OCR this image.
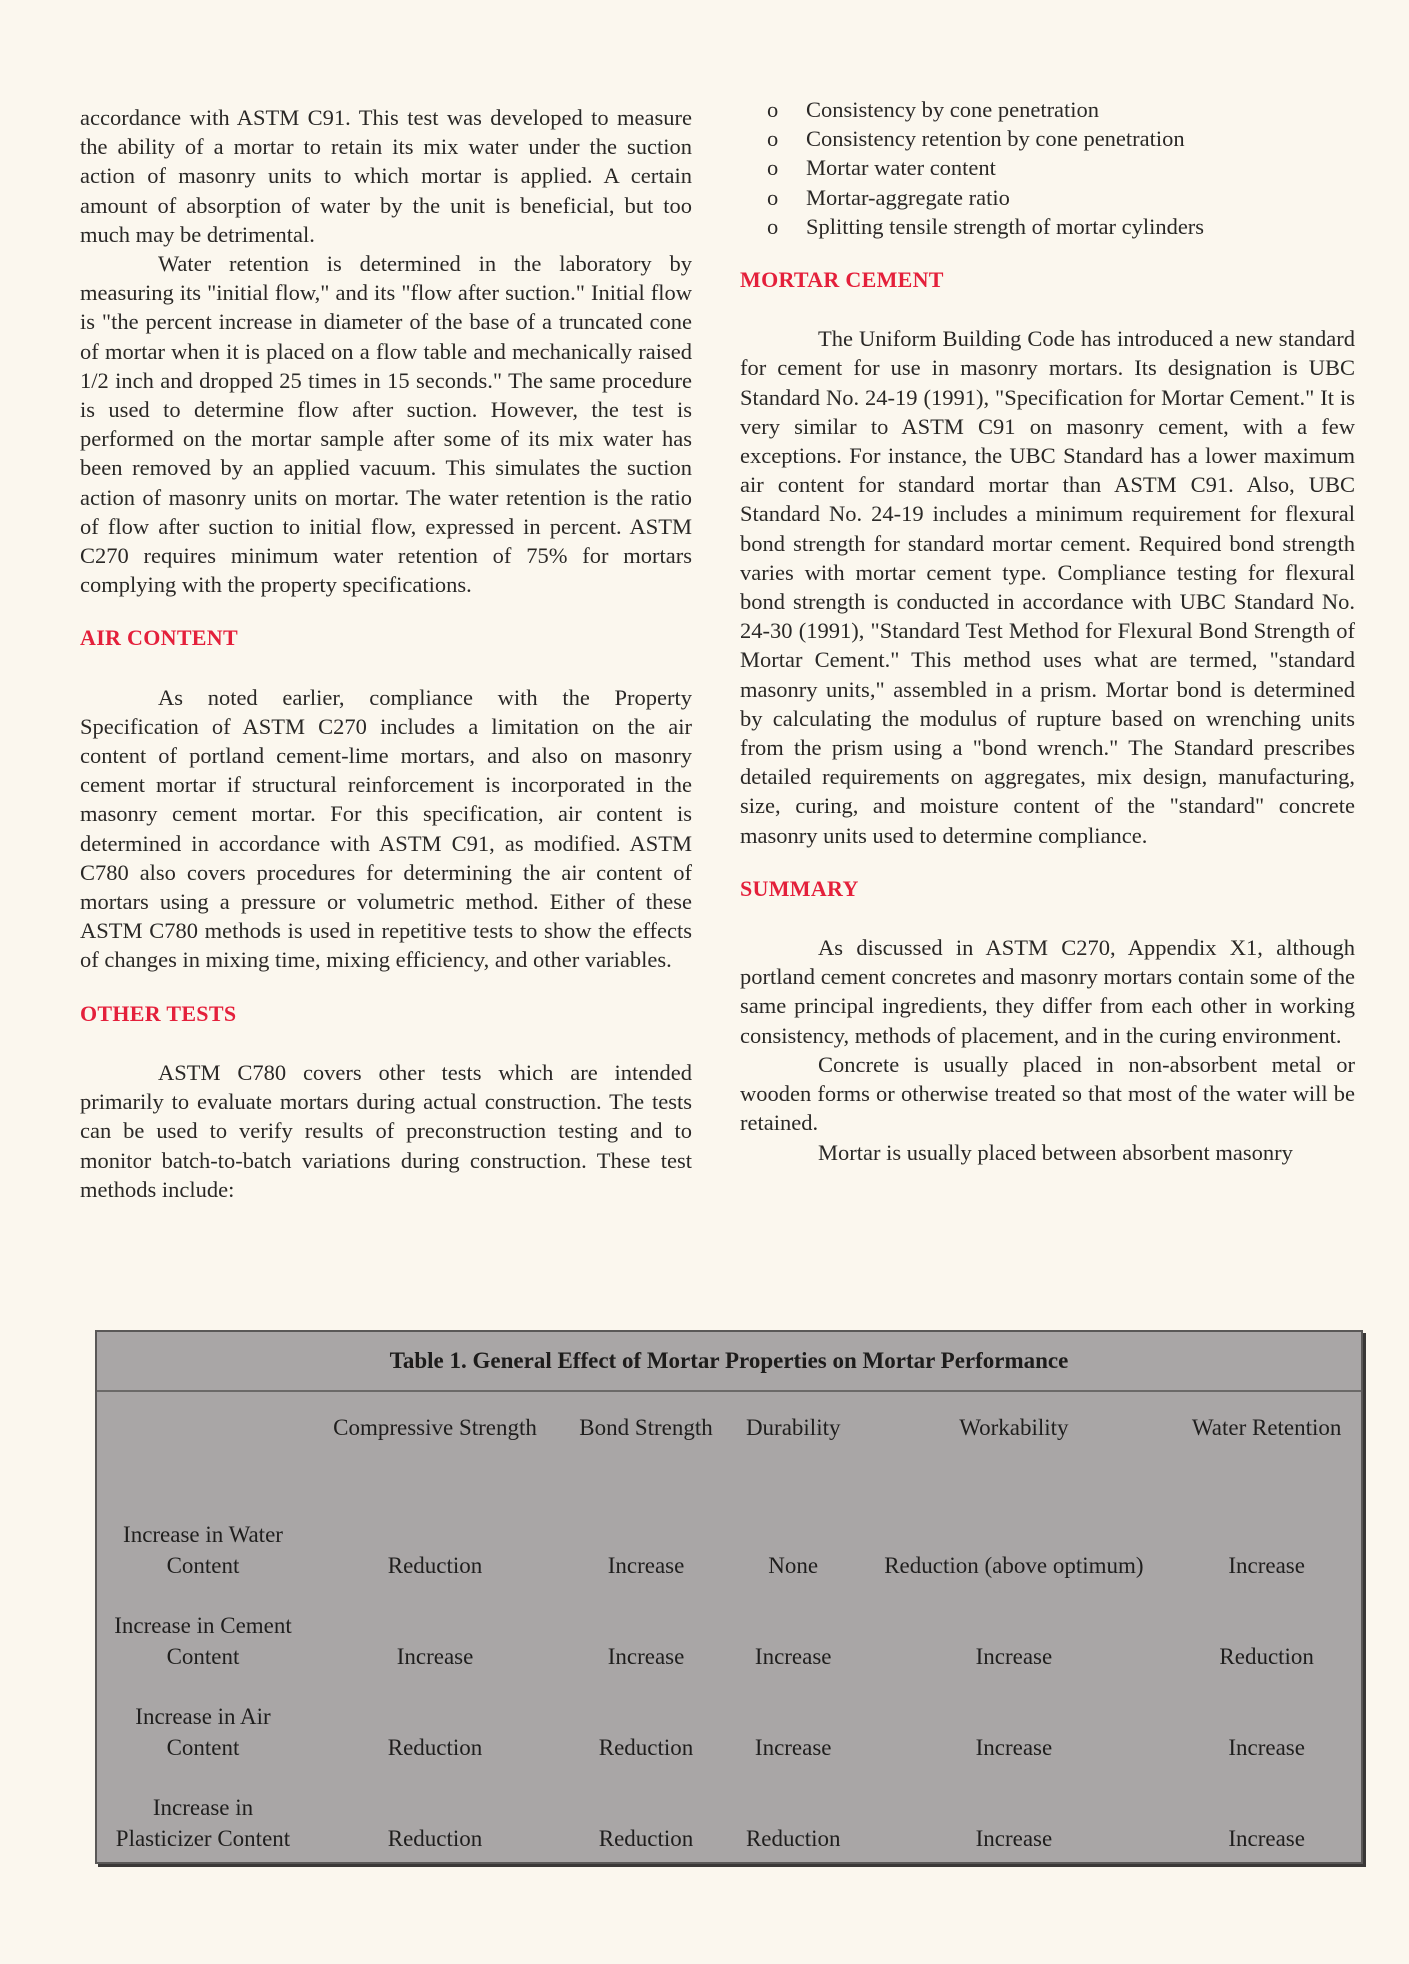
accordance with ASTM C91. This test was developed to measure the ability of a mortar to retain its mix water under the suction action of masonry units to which mortar is applied. A certain amount of absorption of water by the unit is beneficial, but too much may be detrimental.

Water retention is determined in the laboratory by measuring its "initial flow," and its "flow after suction." Initial flow is "the percent increase in diameter of the base of a truncated cone of mortar when it is placed on a flow table and mechanically raised 1/2 inch and dropped 25 times in 15 seconds." The same procedure is used to determine flow after suction. However, the test is performed on the mortar sample after some of its mix water has been removed by an applied vacuum. This simulates the suction action of masonry units on mortar. The water retention is the ratio of flow after suction to initial flow, expressed in percent. ASTM C270 requires minimum water retention of 75% for mortars complying with the property specifications.

AIR CONTENT

As noted earlier, compliance with the Property Specification of ASTM C270 includes a limitation on the air content of portland cement-lime mortars, and also on masonry cement mortar if structural reinforcement is incorporated in the masonry cement mortar. For this specification, air content is determined in accordance with ASTM C91, as modified. ASTM C780 also covers procedures for determining the air content of mortars using a pressure or volumetric method. Either of these ASTM C780 methods is used in repetitive tests to show the effects of changes in mixing time, mixing efficiency, and other variables.

OTHER TESTS

ASTM C780 covers other tests which are intended primarily to evaluate mortars during actual construction. The tests can be used to verify results of preconstruction testing and to monitor batch-to-batch variations during construction. These test methods include:

o	Consistency by cone penetration
o	Consistency retention by cone penetration
o	Mortar water content
o	Mortar-aggregate ratio
o	Splitting tensile strength of mortar cylinders

MORTAR CEMENT

The Uniform Building Code has introduced a new standard for cement for use in masonry mortars. Its designation is UBC Standard No. 24-19 (1991), "Specification for Mortar Cement." It is very similar to ASTM C91 on masonry cement, with a few exceptions. For instance, the UBC Standard has a lower maximum air content for standard mortar than ASTM C91. Also, UBC Standard No. 24-19 includes a minimum requirement for flexural bond strength for standard mortar cement. Required bond strength varies with mortar cement type. Compliance testing for flexural bond strength is conducted in accordance with UBC Standard No. 24-30 (1991), "Standard Test Method for Flexural Bond Strength of Mortar Cement." This method uses what are termed, "standard masonry units," assembled in a prism. Mortar bond is determined by calculating the modulus of rupture based on wrenching units from the prism using a "bond wrench." The Standard prescribes detailed requirements on aggregates, mix design, manufacturing, size, curing, and moisture content of the "standard" concrete masonry units used to determine compliance.

SUMMARY

As discussed in ASTM C270, Appendix X1, although portland cement concretes and masonry mortars contain some of the same principal ingredients, they differ from each other in working consistency, methods of placement, and in the curing environment.

Concrete is usually placed in non-absorbent metal or wooden forms or otherwise treated so that most of the water will be retained.

Mortar is usually placed between absorbent masonry

Table 1. General Effect of Mortar Properties on Mortar Performance
	Compressive Strength	Bond Strength	Durability	Workability	Water Retention
Increase in Water Content	Reduction	Increase	None	Reduction (above optimum)	Increase
Increase in Cement Content	Increase	Increase	Increase	Increase	Reduction
Increase in Air Content	Reduction	Reduction	Increase	Increase	Increase
Increase in Plasticizer Content	Reduction	Reduction	Reduction	Increase	Increase
